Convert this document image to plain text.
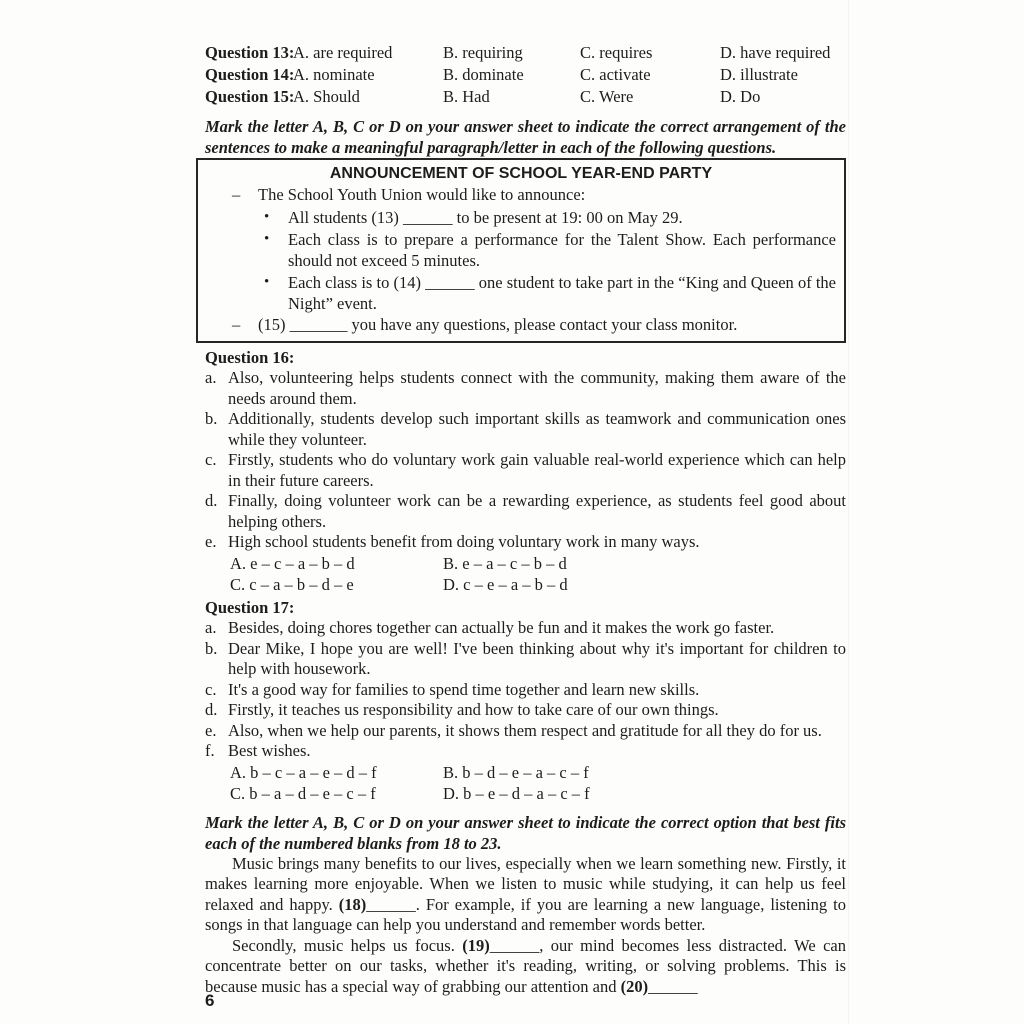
Question 13:
A. are required	B. requiring	C. requires	D. have required
Question 14:
A. nominate	B. dominate	C. activate	D. illustrate
Question 15:
A. Should	B. Had	C. Were	D. Do
Mark the letter A, B, C or D on your answer sheet to indicate the correct arrangement of the sentences to make a meaningful paragraph/letter in each of the following questions.
ANNOUNCEMENT OF SCHOOL YEAR-END PARTY
– The School Youth Union would like to announce:
• All students (13) ______ to be present at 19: 00 on May 29.
• Each class is to prepare a performance for the Talent Show. Each performance should not exceed 5 minutes.
• Each class is to (14) ______ one student to take part in the “King and Queen of the Night” event.
– (15) _______ you have any questions, please contact your class monitor.
Question 16:
a. Also, volunteering helps students connect with the community, making them aware of the needs around them.
b. Additionally, students develop such important skills as teamwork and communication ones while they volunteer.
c. Firstly, students who do voluntary work gain valuable real-world experience which can help in their future careers.
d. Finally, doing volunteer work can be a rewarding experience, as students feel good about helping others.
e. High school students benefit from doing voluntary work in many ways.
A. e – c – a – b – d	B. e – a – c – b – d
C. c – a – b – d – e	D. c – e – a – b – d
Question 17:
a. Besides, doing chores together can actually be fun and it makes the work go faster.
b. Dear Mike, I hope you are well! I've been thinking about why it's important for children to help with housework.
c. It's a good way for families to spend time together and learn new skills.
d. Firstly, it teaches us responsibility and how to take care of our own things.
e. Also, when we help our parents, it shows them respect and gratitude for all they do for us.
f. Best wishes.
A. b – c – a – e – d – f	B. b – d – e – a – c – f
C. b – a – d – e – c – f	D. b – e – d – a – c – f
Mark the letter A, B, C or D on your answer sheet to indicate the correct option that best fits each of the numbered blanks from 18 to 23.

Music brings many benefits to our lives, especially when we learn something new. Firstly, it makes learning more enjoyable. When we listen to music while studying, it can help us feel relaxed and happy. (18)______. For example, if you are learning a new language, listening to songs in that language can help you understand and remember words better.

Secondly, music helps us focus. (19)______, our mind becomes less distracted. We can concentrate better on our tasks, whether it's reading, writing, or solving problems. This is because music has a special way of grabbing our attention and (20)______

6
